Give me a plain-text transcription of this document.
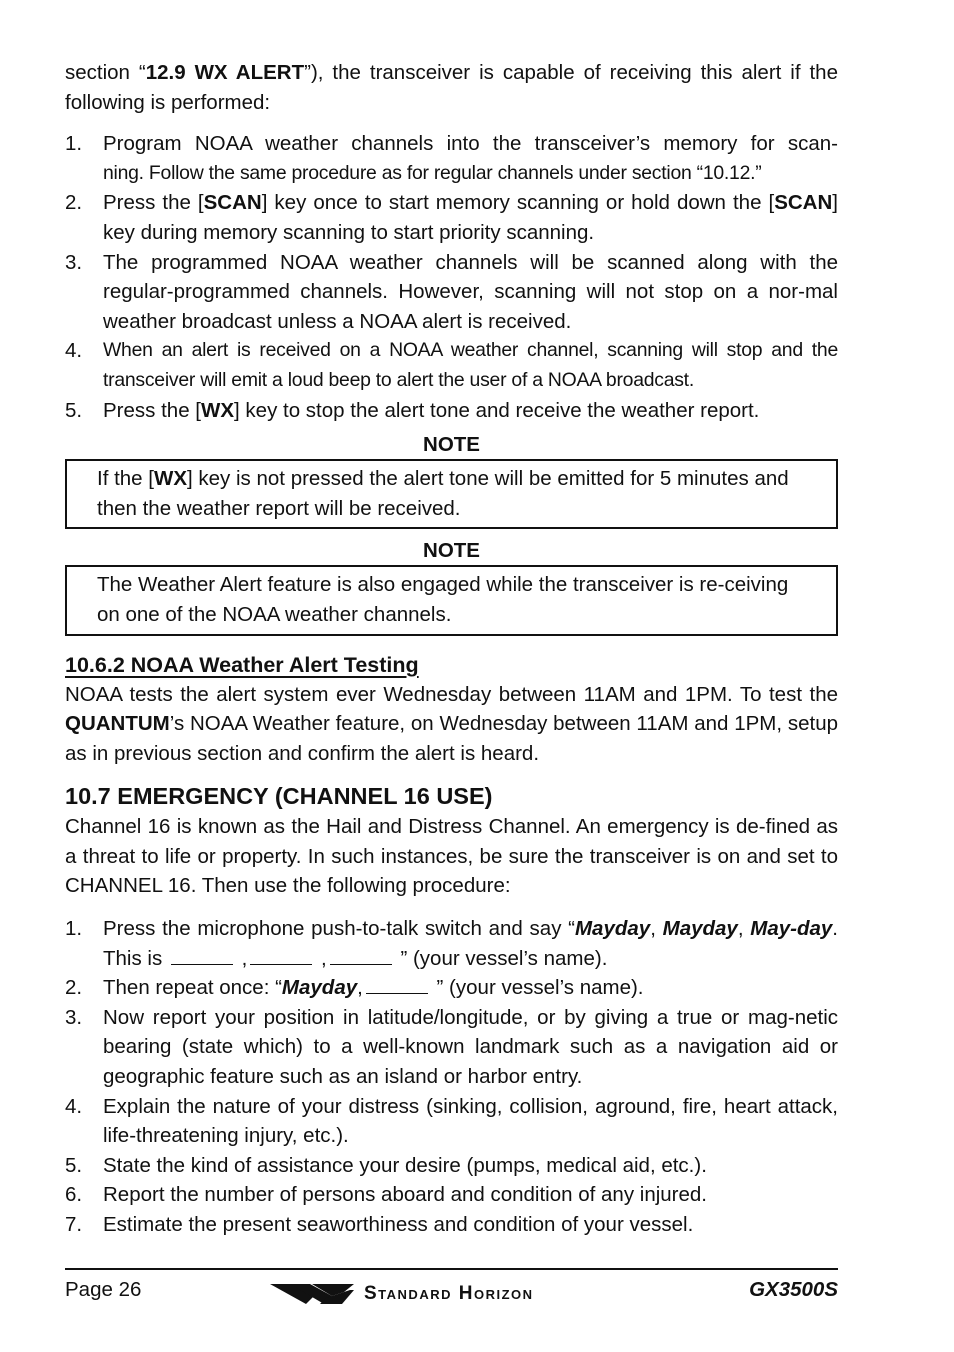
section “12.9 WX ALERT”), the transceiver is capable of receiving this alert if the following is performed:

1. Program NOAA weather channels into the transceiver’s memory for scan-
ning. Follow the same procedure as for regular channels under section “10.12.”
2. Press the [SCAN] key once to start memory scanning or hold down the [SCAN] key during memory scanning to start priority scanning.
3. The programmed NOAA weather channels will be scanned along with the regular-programmed channels. However, scanning will not stop on a nor-mal weather broadcast unless a NOAA alert is received.
4. When an alert is received on a NOAA weather channel, scanning will stop and the transceiver will emit a loud beep to alert the user of a NOAA broadcast.
5. Press the [WX] key to stop the alert tone and receive the weather report.
NOTE
If the [WX] key is not pressed the alert tone will be emitted for 5 minutes and then the weather report will be received.
NOTE
The Weather Alert feature is also engaged while the transceiver is re-ceiving on one of the NOAA weather channels.
10.6.2 NOAA Weather Alert Testing

NOAA tests the alert system ever Wednesday between 11AM and 1PM. To test the QUANTUM’s NOAA Weather feature, on Wednesday between 11AM and 1PM, setup as in previous section and confirm the alert is heard.

10.7 EMERGENCY (CHANNEL 16 USE)

Channel 16 is known as the Hail and Distress Channel. An emergency is de-fined as a threat to life or property. In such instances, be sure the transceiver is on and set to CHANNEL 16. Then use the following procedure:

1. Press the microphone push-to-talk switch and say “Mayday, Mayday, May-day. This is	,	,	” (your vessel’s name).
2. Then repeat once: “Mayday,	” (your vessel’s name).
3. Now report your position in latitude/longitude, or by giving a true or mag-netic bearing (state which) to a well-known landmark such as a navigation aid or geographic feature such as an island or harbor entry.
4. Explain the nature of your distress (sinking, collision, aground, fire, heart attack, life-threatening injury, etc.).
5. State the kind of assistance your desire (pumps, medical aid, etc.).
6. Report the number of persons aboard and condition of any injured.
7. Estimate the present seaworthiness and condition of your vessel.
Page 26	Standard Horizon	GX3500S
